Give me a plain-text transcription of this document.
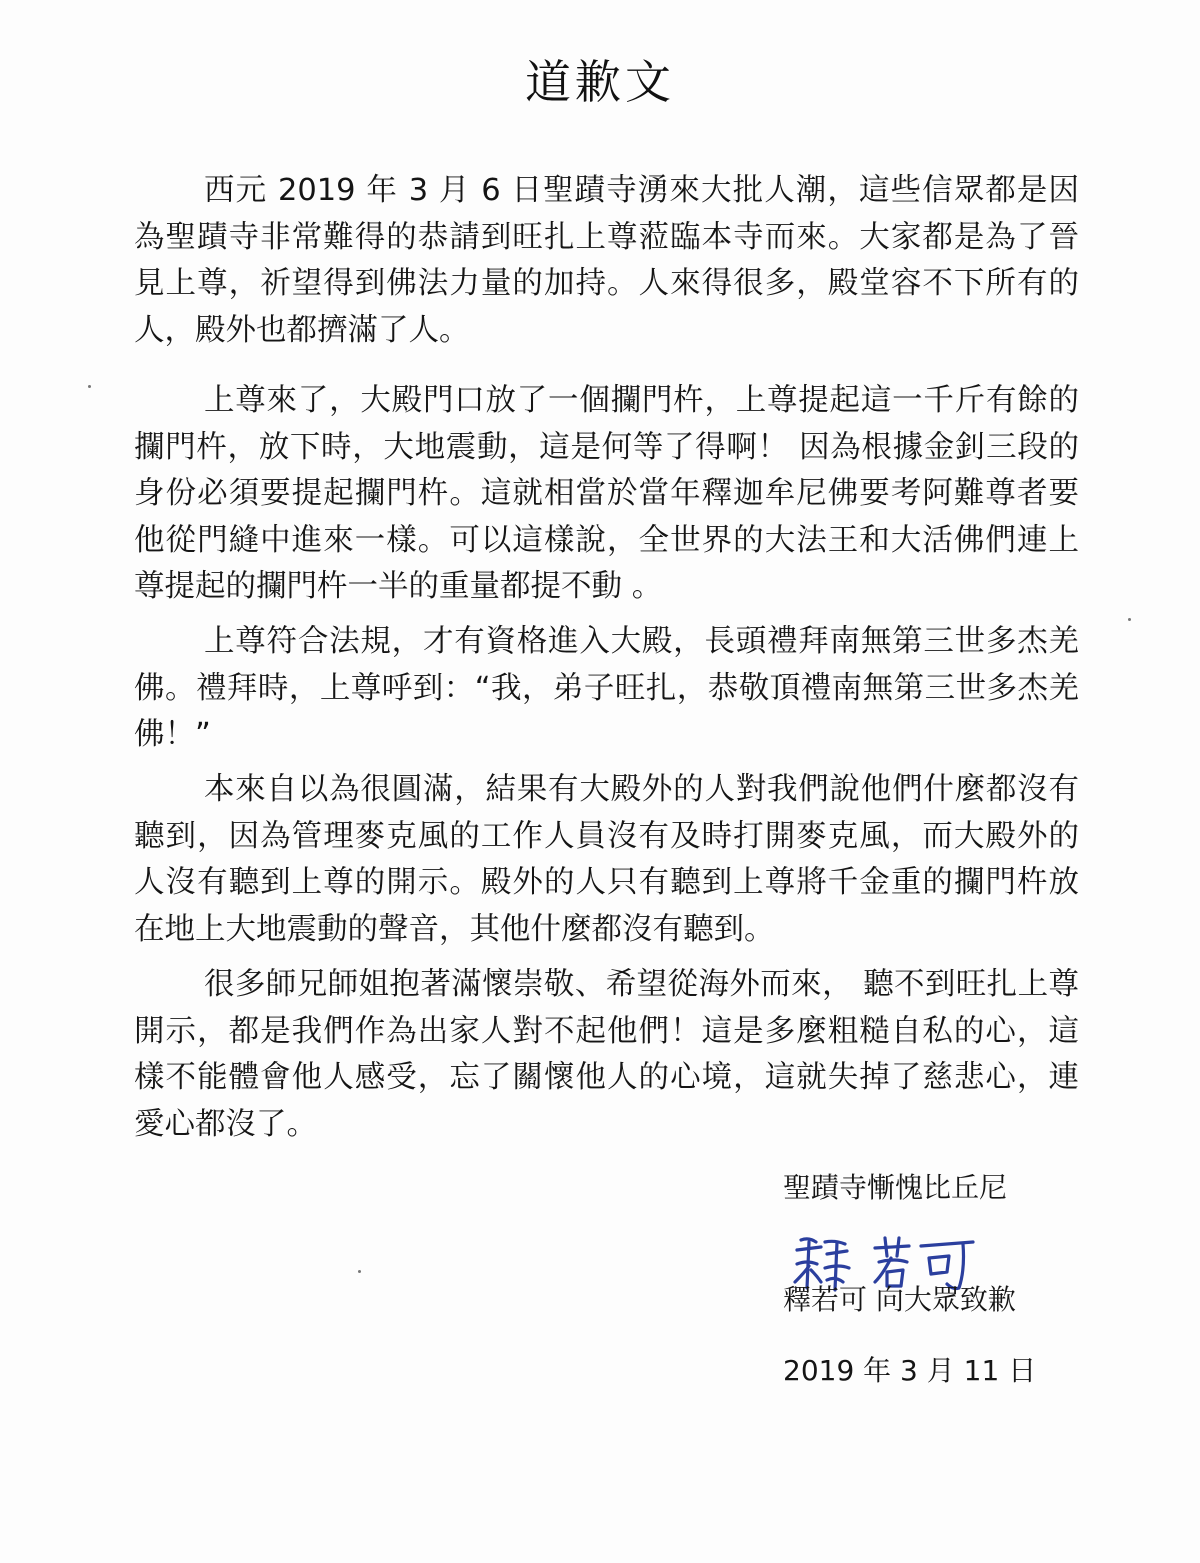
道歉文

西元 2019 年 3 月 6 日聖蹟寺湧來大批人潮，這些信眾都是因為聖蹟寺非常難得的恭請到旺扎上尊蒞臨本寺而來。大家都是為了晉見上尊，祈望得到佛法力量的加持。人來得很多，殿堂容不下所有的人，殿外也都擠滿了人。

上尊來了，大殿門口放了一個攔門杵，上尊提起這一千斤有餘的攔門杵，放下時，大地震動，這是何等了得啊！ 因為根據金釗三段的身份必須要提起攔門杵。這就相當於當年釋迦牟尼佛要考阿難尊者要他從門縫中進來一樣。可以這樣說，全世界的大法王和大活佛們連上尊提起的攔門杵一半的重量都提不動 。

上尊符合法規，才有資格進入大殿，長頭禮拜南無第三世多杰羌佛。禮拜時，上尊呼到：“我，弟子旺扎，恭敬頂禮南無第三世多杰羌佛！”

本來自以為很圓滿，結果有大殿外的人對我們說他們什麼都沒有聽到，因為管理麥克風的工作人員沒有及時打開麥克風，而大殿外的人沒有聽到上尊的開示。殿外的人只有聽到上尊將千金重的攔門杵放在地上大地震動的聲音，其他什麼都沒有聽到。

很多師兄師姐抱著滿懷崇敬、希望從海外而來， 聽不到旺扎上尊開示，都是我們作為出家人對不起他們！這是多麼粗糙自私的心，這樣不能體會他人感受，忘了關懷他人的心境，這就失掉了慈悲心，連愛心都沒了。

聖蹟寺慚愧比丘尼
釋若可 向大眾致歉
2019 年 3 月 11 日
